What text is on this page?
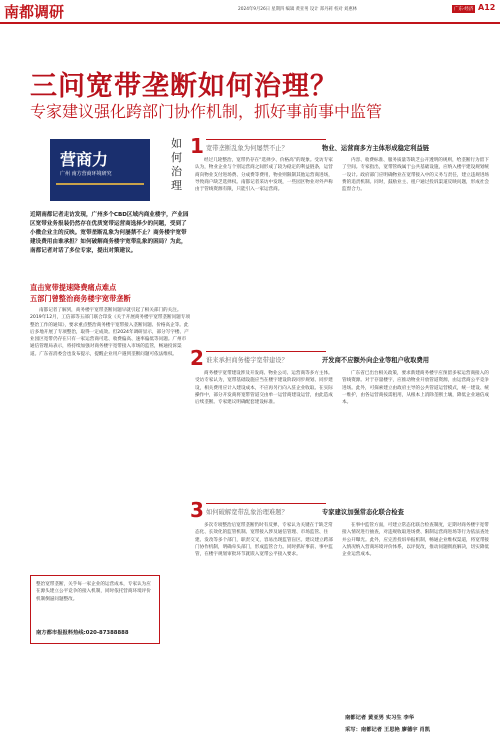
南都调研	2024年9月26日 星期四 编辑 黄亚男 设计 郑丹莉 校对 刘惠林	广东·经济 A12
三问宽带垄断如何治理？
专家建议强化跨部门协作机制，抓好事前事中监管
营商力
广州 南方营商环境研究
如何治理
近期南都记者走访发现，广州多个CBD区域内商业楼宇，产业园区宽带业务报装仍然存在优质宽带运营商选择少的问题，受到了小微企业主的反映。宽带垄断乱象为何屡禁不止？商务楼宇宽带建设费用由谁承担？如何破解商务楼宇宽带乱象的困局？为此，南都记者对话了多位专家，提出对策建议。
直击宽带提速降费痛点难点
五部门曾整治商务楼宇宽带垄断
南都记者了解到，商务楼宇宽带垄断问题早就引起了相关部门的关注。2019年12月，工信部等五部门联合印发《关于开展商务楼宇宽带垄断问题专项整治工作的通知》，要求重点整治商务楼宇宽带接入垄断问题、价格高企等。此后多地开展了专项整治，取得一定成效。但2024年调研显示，部分写字楼、产业园区宽带仍存在只有一家运营商可选、收费偏高、速率偏低等问题。广州市通信管理局表示，将持续加强对商务楼宇宽带接入市场的监管，畅通投诉渠道。广东省消委会也发布提示，提醒企业用户遇到垄断问题可依法维权。
整治宽带垄断，关乎每一家企业的运营成本，专家认为应在源头建立公平竞争的接入机制，同时依托营商环境评价机制倒逼问题整改。
南方都市报报料热线:020-87388888
1 宽带垄断乱象为何屡禁不止？	物业、运营商多方主体形成稳定利益链
经过几轮整治，宽带仍存在“选择少、价格高”的现象。受访专家认为，物业企业与个别运营商之间形成了较为稳定的利益链条，运营商向物业支付进场费、分成费等费用，物业则限制其他运营商进场，导致商户缺乏选择权。南都记者采访中发现，一些园区物业对外声称由于管线资源有限，只能引入一家运营商。
内容、收费标准、服务质量等缺乏公开透明的规则，给垄断行为留下了空间。专家指出，宽带管线属于公共基础设施，应纳入楼宇建设规划统一设计。政府部门应明确物业在宽带接入中的义务与责任，建立违规进场费的追责机制。同时，鼓励业主、租户通过投诉渠道反映问题，形成社会监督合力。
2 谁来承担商务楼宇宽带建设？	开发商不应额外向企业等租户收取费用
商务楼宇宽带建设涉及开发商、物业公司、运营商等多方主体。受访专家认为，宽带基础设施应当在楼宇建设阶段同步规划、同步建设，相关费用应计入建设成本，不应再另行向入驻企业收取。在实际操作中，部分开发商将宽带管道交由单一运营商建设运营，由此造成后续垄断。专家建议明确配套建设标准。
广东省已出台相关政策，要求新建商务楼宇应预留多家运营商接入的管线资源。对于存量楼宇，应推动物业开放管道资源，由运营商公平竞争进场。此外，可探索建立由政府主导的公共管道运营模式，统一建设、统一维护，由各运营商按需租用，从根本上消除垄断土壤，降低企业通信成本。
3 如何破解宽带乱象治理难题？	专家建议加强常态化联合检查
多次专项整治后宽带垄断仍时有反弹，专家认为关键在于缺乏常态化、长效化的监管机制。宽带接入涉及通信管理、市场监管、住建、发改等多个部门，职责交叉，容易出现监管盲区。建议建立跨部门协作机制，明确牵头部门，形成监管合力。同时抓好事前、事中监管，在楼宇规划审批环节就嵌入宽带公平接入要求。
在事中监管方面，可建立常态化联合检查制度，定期对商务楼宇宽带接入情况进行抽查，对违规收取进场费、限制运营商进场等行为依法查处并公开曝光。此外，应完善投诉举报机制，畅通企业维权渠道，将宽带接入情况纳入营商环境评价体系，以评促改，推动问题彻底解决，切实降低企业运营成本。
南都记者 黄亚男 实习生 李华
采写：南都记者 王思艳 廖德宇 肖凯
